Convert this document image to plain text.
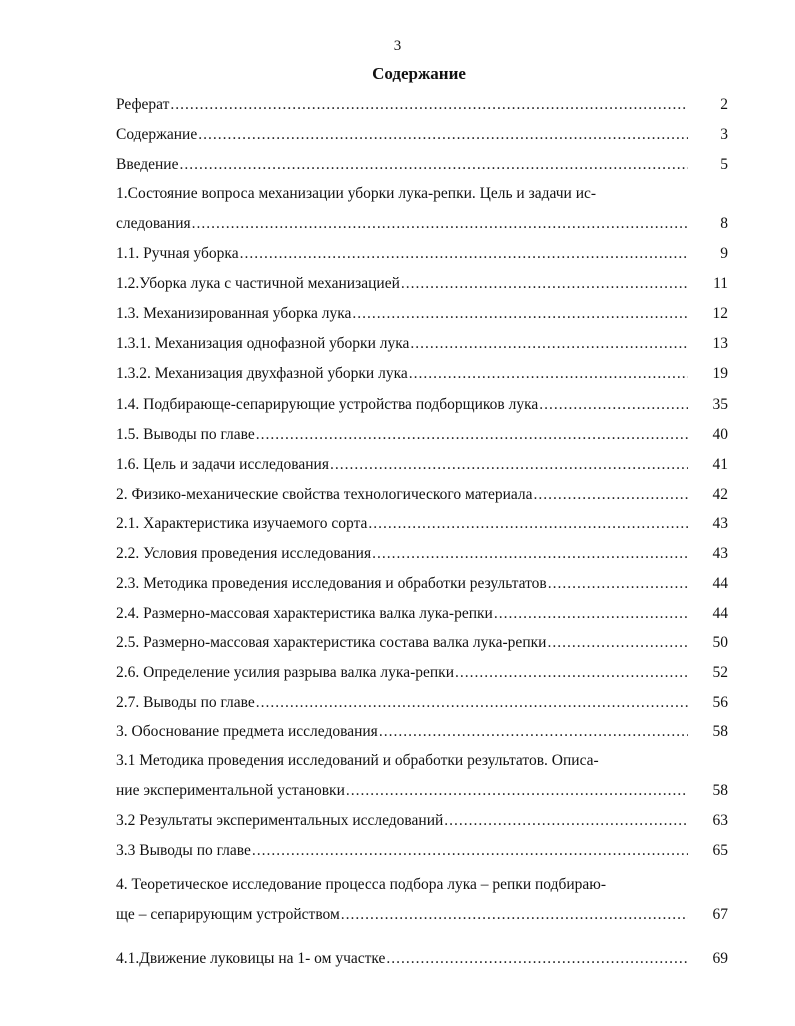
3
Содержание
Реферат .....	2
Содержание .....	3
Введение .....	5
1.Состояние вопроса механизации уборки лука-репки. Цель и задачи ис-
следования .....	8
1.1. Ручная уборка .....	9
1.2.Уборка лука с частичной механизацией .....	11
1.3. Механизированная уборка лука .....	12
1.3.1. Механизация однофазной уборки лука .....	13
1.3.2. Механизация двухфазной уборки лука .....	19
1.4. Подбирающе-сепарирующие устройства подборщиков лука .....	35
1.5. Выводы по главе .....	40
1.6. Цель и задачи исследования .....	41
2. Физико-механические свойства технологического материала .....	42
2.1. Характеристика изучаемого сорта .....	43
2.2. Условия проведения исследования .....	43
2.3. Методика проведения исследования и обработки результатов .....	44
2.4. Размерно-массовая характеристика валка лука-репки .....	44
2.5. Размерно-массовая характеристика состава валка лука-репки .....	50
2.6. Определение усилия разрыва валка лука-репки .....	52
2.7. Выводы по главе .....	56
3. Обоснование предмета исследования .....	58
3.1 Методика проведения исследований и обработки результатов. Описа-
ние экспериментальной установки .....	58
3.2 Результаты экспериментальных исследований .....	63
3.3 Выводы по главе .....	65
4. Теоретическое исследование процесса подбора лука – репки подбираю-
ще – сепарирующим устройством .....	67
4.1.Движение луковицы на 1- ом участке .....	69
